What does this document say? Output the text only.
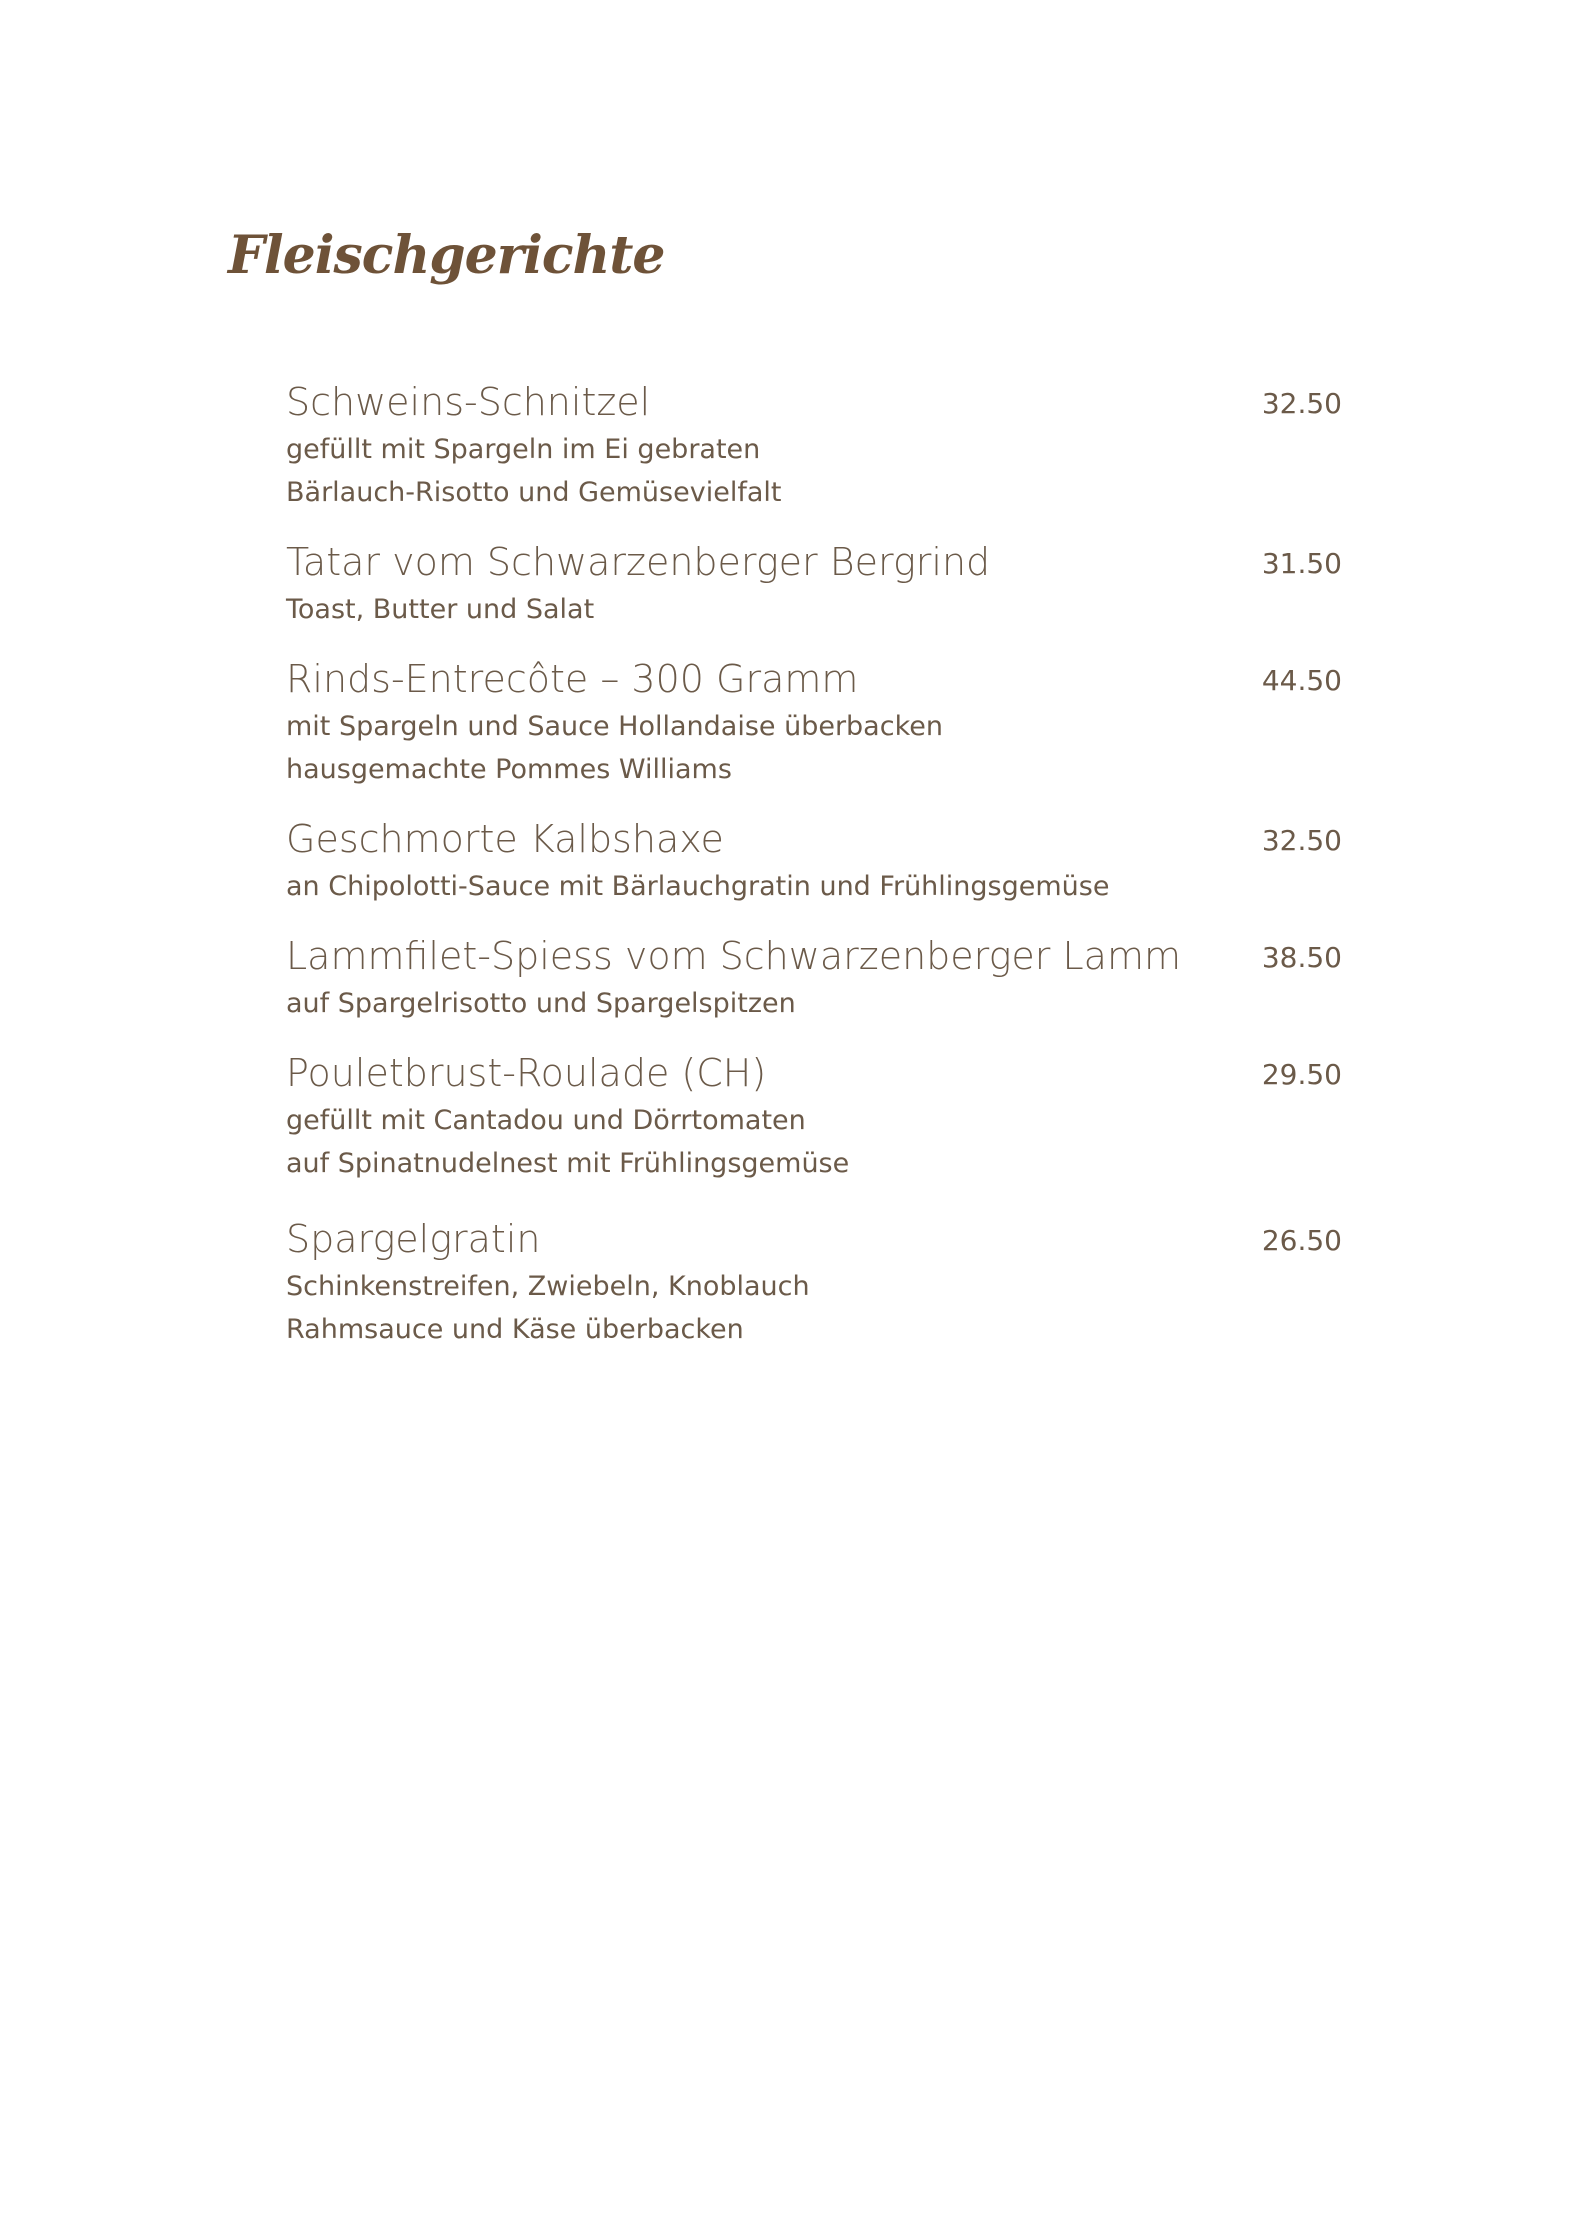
Fleischgerichte
Schweins-Schnitzel	32.50
gefüllt mit Spargeln im Ei gebraten
Bärlauch-Risotto und Gemüsevielfalt
Tatar vom Schwarzenberger Bergrind	31.50
Toast, Butter und Salat
Rinds-Entrecôte – 300 Gramm	44.50
mit Spargeln und Sauce Hollandaise überbacken
hausgemachte Pommes Williams
Geschmorte Kalbshaxe	32.50
an Chipolotti-Sauce mit Bärlauchgratin und Frühlingsgemüse
Lammfilet-Spiess vom Schwarzenberger Lamm	38.50
auf Spargelrisotto und Spargelspitzen
Pouletbrust-Roulade (CH)	29.50
gefüllt mit Cantadou und Dörrtomaten
auf Spinatnudelnest mit Frühlingsgemüse
Spargelgratin	26.50
Schinkenstreifen, Zwiebeln, Knoblauch
Rahmsauce und Käse überbacken
